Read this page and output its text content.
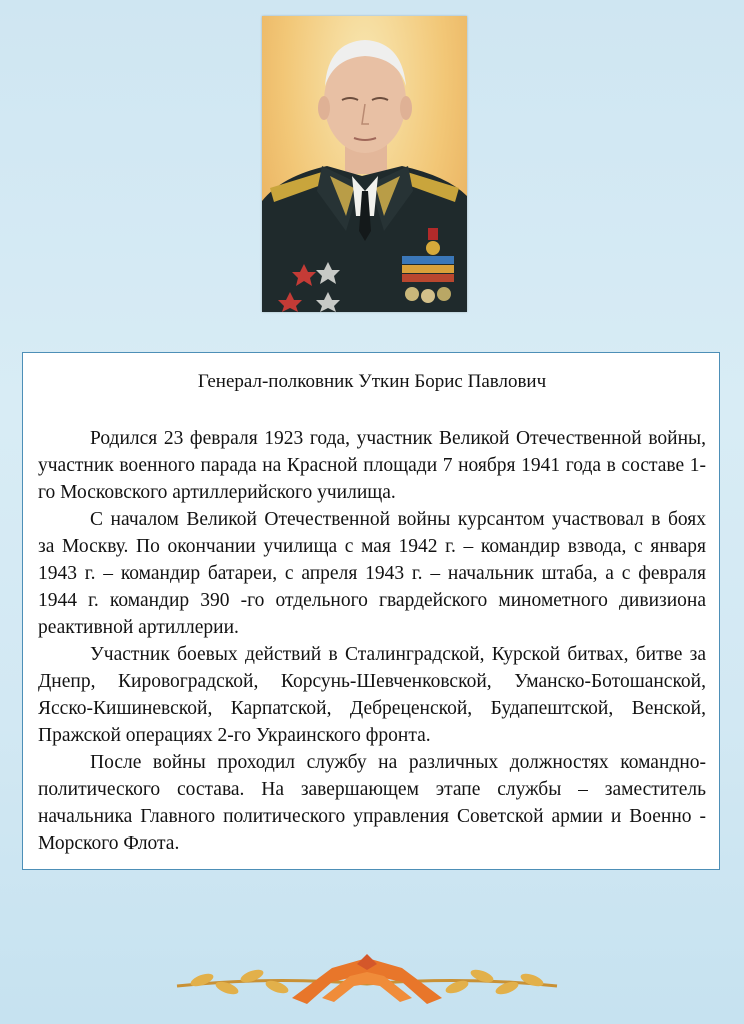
Генерал-полковник Уткин Борис Павлович

Родился 23 февраля 1923 года, участник Великой Отечественной войны, участник военного парада на Красной площади 7 ноября 1941 года в составе 1-го Московского артиллерийского училища.

С началом Великой Отечественной войны курсантом участвовал в боях за Москву. По окончании училища с мая 1942 г. – командир взвода, с января 1943 г. – командир батареи, с апреля 1943 г. – начальник штаба, а с февраля 1944 г. командир 390 -го отдельного гвардейского минометного дивизиона реактивной артиллерии.

Участник боевых действий в Сталинградской, Курской битвах, битве за Днепр, Кировоградской, Корсунь-Шевченковской, Уманско-Ботошанской, Яcско-Кишиневской, Карпатской, Дебреценской, Будапештской, Венской, Пражской операциях 2-го Украинского фронта.

После войны проходил службу на различных должностях командно-политического состава. На завершающем этапе службы – заместитель начальника Главного политического управления Советской армии и Военно - Морского Флота.
